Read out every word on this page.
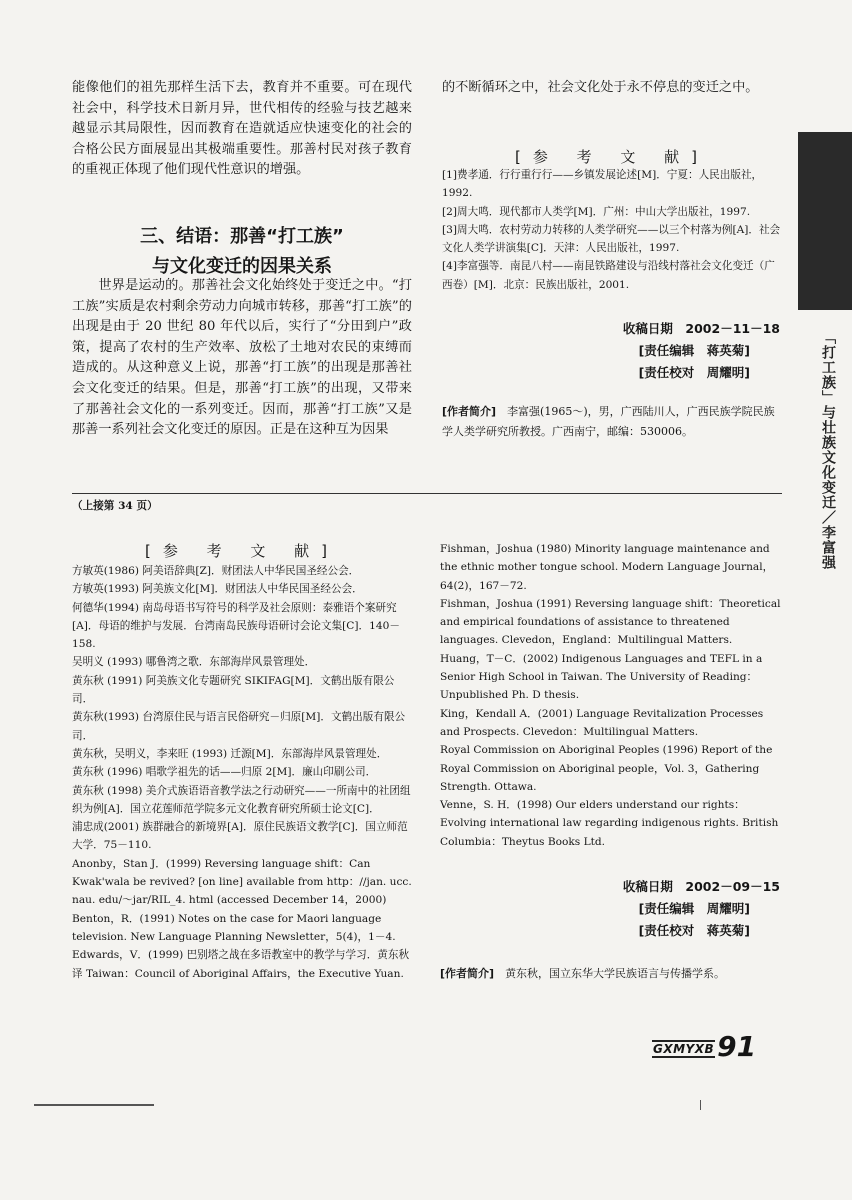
能像他们的祖先那样生活下去，教育并不重要。可在现代社会中，科学技术日新月异，世代相传的经验与技艺越来越显示其局限性，因而教育在造就适应快速变化的社会的合格公民方面展显出其极端重要性。那善村民对孩子教育的重视正体现了他们现代性意识的增强。

三、结语：那善“打工族”
与文化变迁的因果关系

世界是运动的。那善社会文化始终处于变迁之中。“打工族”实质是农村剩余劳动力向城市转移，那善“打工族”的出现是由于 20 世纪 80 年代以后，实行了“分田到户”政策，提高了农村的生产效率、放松了土地对农民的束缚而造成的。从这种意义上说，那善“打工族”的出现是那善社会文化变迁的结果。但是，那善“打工族”的出现，又带来了那善社会文化的一系列变迁。因而，那善“打工族”又是那善一系列社会文化变迁的原因。正是在这种互为因果

的不断循环之中，社会文化处于永不停息的变迁之中。

[参 考 文 献]

[1]费孝通．行行重行行——乡镇发展论述[M]．宁夏：人民出版社，1992.

[2]周大鸣．现代都市人类学[M]．广州：中山大学出版社，1997.

[3]周大鸣．农村劳动力转移的人类学研究——以三个村落为例[A]．社会文化人类学讲演集[C]．天津：人民出版社，1997.

[4]李富强等．南昆八村——南昆铁路建设与沿线村落社会文化变迁（广西卷）[M]．北京：民族出版社，2001.

收稿日期　2002－11－18
[责任编辑　蒋英菊]
[责任校对　周耀明]

[作者简介]　 李富强(1965～)，男，广西陆川人，广西民族学院民族学人类学研究所教授。广西南宁，邮编：530006。	「打工族」与壮族文化变迁／李富强
（上接第 34 页）
[参 考 文 献]

方敏英(1986) 阿美语辞典[Z]．财团法人中华民国圣经公会．

方敏英(1993) 阿美族文化[M]．财团法人中华民国圣经公会．

何德华(1994) 南岛母语书写符号的科学及社会原则：泰雅语个案研究[A]．母语的维护与发展．台湾南岛民族母语研讨会论文集[C]．140－158.

吴明义 (1993) 哪鲁湾之歌．东部海岸风景管理处．

黄东秋 (1991) 阿美族文化专题研究 SIKIFAG[M]．文鹤出版有限公司．

黄东秋(1993) 台湾原住民与语言民俗研究－归原[M]．文鹤出版有限公司．

黄东秋，吴明义，李来旺 (1993) 迁源[M]．东部海岸风景管理处．

黄东秋 (1996) 唱歌学祖先的话——归原 2[M]．廉山印刷公司．

黄东秋 (1998) 美介式族语语音教学法之行动研究——一所南中的社团组织为例[A]．国立花莲师范学院多元文化教育研究所硕士论文[C]．

浦忠成(2001) 族群融合的新境界[A]．原住民族语文教学[C]．国立师范大学．75－110.

Anonby，Stan J．(1999) Reversing language shift：Can Kwak'wala be revived? [on line] available from http：//jan. ucc. nau. edu/～jar/RIL_4. html (accessed December 14，2000)

Benton，R．(1991) Notes on the case for Maori language television. New Language Planning Newsletter，5(4)，1－4.

Edwards，V．(1999) 巴别塔之战在多语教室中的教学与学习．黄东秋译 Taiwan：Council of Aboriginal Affairs，the Executive Yuan.

Fishman，Joshua (1980) Minority language maintenance and the ethnic mother tongue school. Modern Language Journal，64(2)，167－72.

Fishman，Joshua (1991) Reversing language shift：Theoretical and empirical foundations of assistance to threatened languages. Clevedon，England：Multilingual Matters.

Huang，T－C．(2002) Indigenous Languages and TEFL in a Senior High School in Taiwan. The University of Reading：Unpublished Ph. D thesis.

King，Kendall A．(2001) Language Revitalization Processes and Prospects. Clevedon：Multilingual Matters.

Royal Commission on Aboriginal Peoples (1996) Report of the Royal Commission on Aboriginal people，Vol. 3，Gathering Strength. Ottawa.

Venne，S. H．(1998) Our elders understand our rights：Evolving international law regarding indigenous rights. British Columbia：Theytus Books Ltd.

收稿日期　2002－09－15
[责任编辑　周耀明]
[责任校对　蒋英菊]

[作者简介]　 黄东秋，国立东华大学民族语言与传播学系。

GXMYXB 91
